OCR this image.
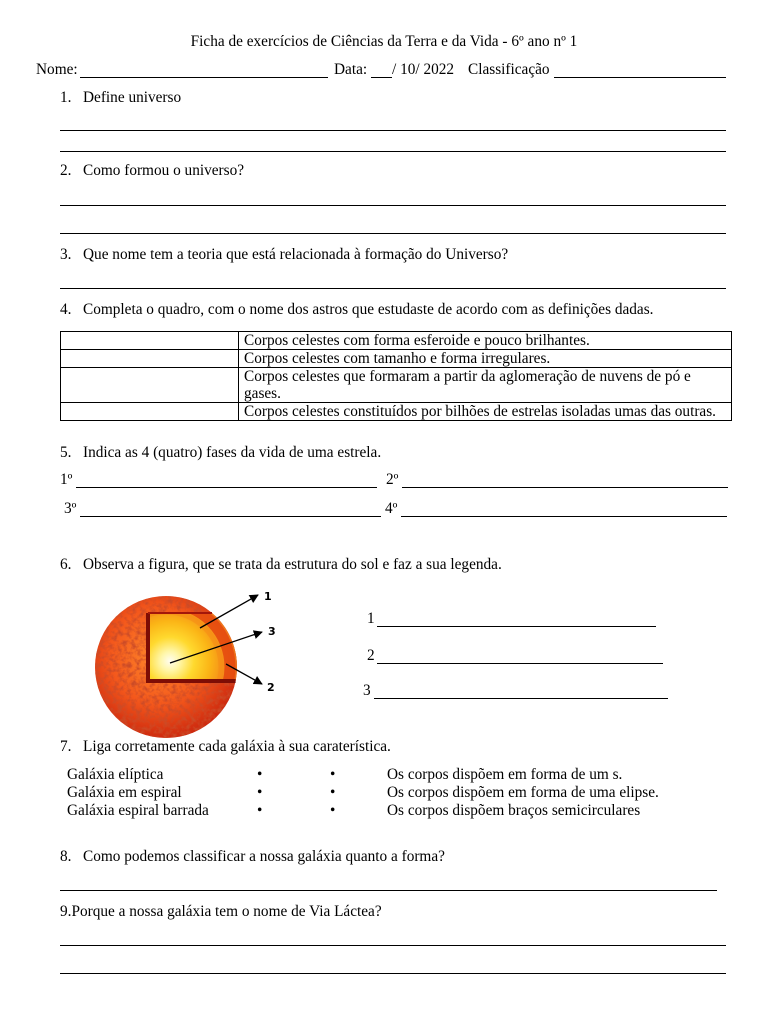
Ficha de exercícios de Ciências da Terra e da Vida - 6º ano nº 1
Nome:	Data: / 10/ 2022 Classificação
1. Define universo
2. Como formou o universo?
3. Que nome tem a teoria que está relacionada à formação do Universo?
4. Completa o quadro, com o nome dos astros que estudaste de acordo com as definições dadas.
	Corpos celestes com forma esferoide e pouco brilhantes.
	Corpos celestes com tamanho e forma irregulares.
	Corpos celestes que formaram a partir da aglomeração de nuvens de pó e gases.
	Corpos celestes constituídos por bilhões de estrelas isoladas umas das outras.
5. Indica as 4 (quatro) fases da vida de uma estrela.
1º	2º
3º	4º
6. Observa a figura, que se trata da estrutura do sol e faz a sua legenda.
1
3
2
1
2
3
7. Liga corretamente cada galáxia à sua caraterística.
Galáxia elíptica	•	•	Os corpos dispõem em forma de um s.
Galáxia em espiral	•	•	Os corpos dispõem em forma de uma elipse.
Galáxia espiral barrada	•	•	Os corpos dispõem braços semicirculares
8. Como podemos classificar a nossa galáxia quanto a forma?
9.Porque a nossa galáxia tem o nome de Via Láctea?
